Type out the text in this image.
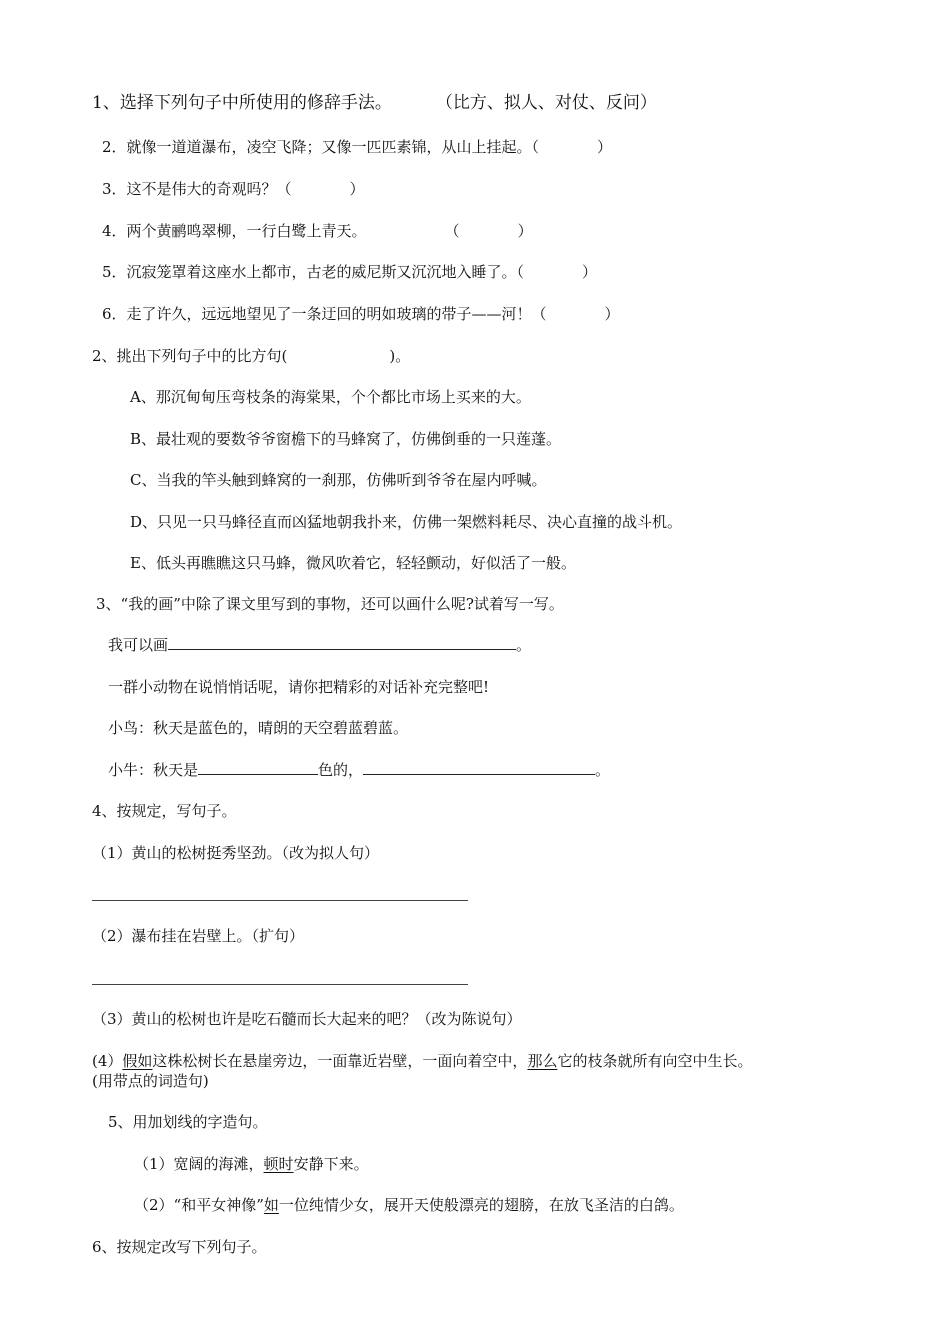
1、选择下列句子中所使用的修辞手法。	（比方、拟人、对仗、反问）
2．就像一道道瀑布，凌空飞降；又像一匹匹素锦，从山上挂起。（	）
3．这不是伟大的奇观吗？（	）
4．两个黄鹂鸣翠柳，一行白鹭上青天。	（	）
5．沉寂笼罩着这座水上都市，古老的威尼斯又沉沉地入睡了。（	）
6．走了许久，远远地望见了一条迂回的明如玻璃的带子——河！（	）
2、挑出下列句子中的比方句(	)。
A、那沉甸甸压弯枝条的海棠果，个个都比市场上买来的大。
B、最壮观的要数爷爷窗檐下的马蜂窝了，仿佛倒垂的一只莲蓬。
C、当我的竿头触到蜂窝的一刹那，仿佛听到爷爷在屋内呼喊。
D、只见一只马蜂径直而凶猛地朝我扑来，仿佛一架燃料耗尽、决心直撞的战斗机。
E、低头再瞧瞧这只马蜂，微风吹着它，轻轻颤动，好似活了一般。
3、“我的画”中除了课文里写到的事物，还可以画什么呢?试着写一写。
我可以画	。
一群小动物在说悄悄话呢，请你把精彩的对话补充完整吧!
小鸟：秋天是蓝色的，晴朗的天空碧蓝碧蓝。
小牛：秋天是	色的，	。
4、按规定，写句子。
（1）黄山的松树挺秀坚劲。（改为拟人句）
（2）瀑布挂在岩壁上。（扩句）
（3）黄山的松树也许是吃石髓而长大起来的吧？（改为陈说句）
(4）假如这株松树长在悬崖旁边，一面靠近岩壁，一面向着空中，那么它的枝条就所有向空中生长。
(用带点的词造句)
5、用加划线的字造句。
（1）宽阔的海滩，顿时安静下来。
（2）“和平女神像”如一位纯情少女，展开天使般漂亮的翅膀，在放飞圣洁的白鸽。
6、按规定改写下列句子。
